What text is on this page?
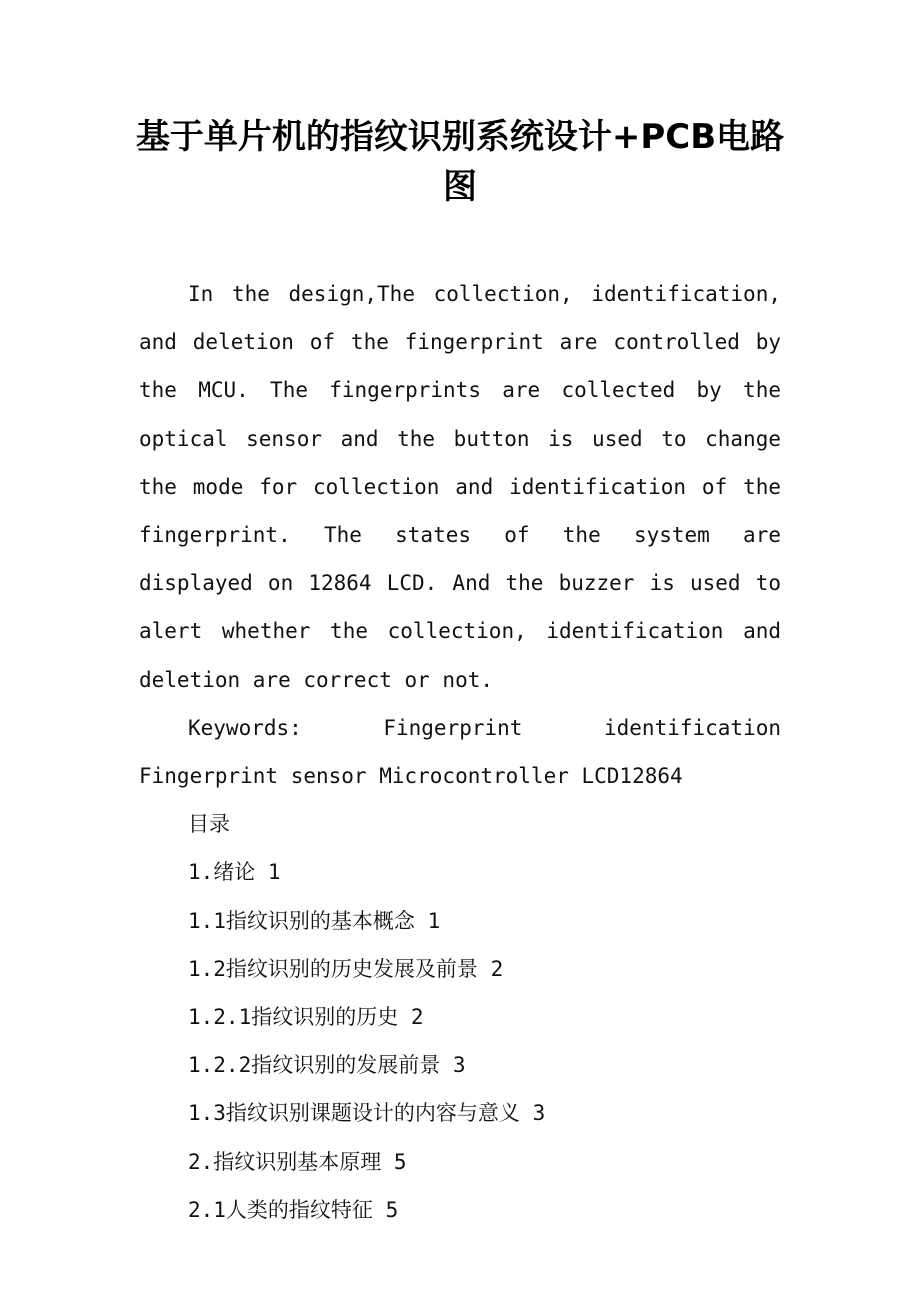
基于单片机的指纹识别系统设计+PCB电路图

In the design,The collection, identification, and deletion of the fingerprint are controlled by the MCU. The fingerprints are collected by the optical sensor and the button is used to change the mode for collection and identification of the fingerprint. The states of the system are displayed on 12864 LCD. And the buzzer is used to alert whether the collection, identification and deletion are correct or not.

Keywords: Fingerprint identification Fingerprint sensor Microcontroller LCD12864

目录
1.绪论 1
1.1指纹识别的基本概念 1
1.2指纹识别的历史发展及前景 2
1.2.1指纹识别的历史 2
1.2.2指纹识别的发展前景 3
1.3指纹识别课题设计的内容与意义 3
2.指纹识别基本原理 5
2.1人类的指纹特征 5
